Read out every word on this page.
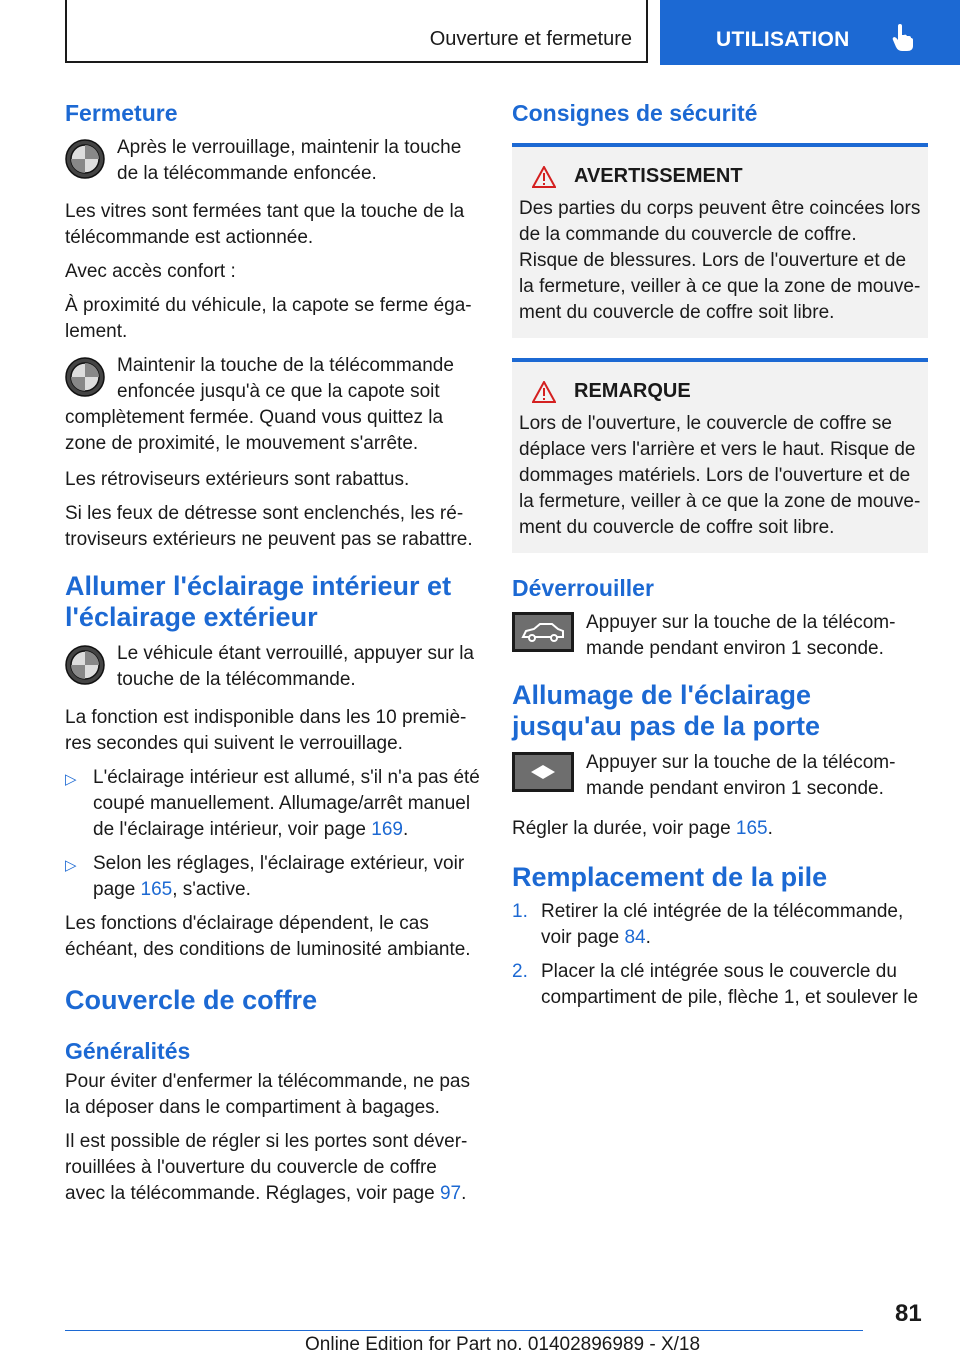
Ouverture et fermeture	UTILISATION
Fermeture
Après le verrouillage, maintenir la touche de la télécommande enfoncée.

Les vitres sont fermées tant que la touche de la télécommande est actionnée.

Avec accès confort :

À proximité du véhicule, la capote se ferme également.

Maintenir la touche de la télécommande enfoncée jusqu'à ce que la capote soit
complètement fermée. Quand vous quittez la zone de proximité, le mouvement s'arrête.

Les rétroviseurs extérieurs sont rabattus.

Si les feux de détresse sont enclenchés, les rétroviseurs extérieurs ne peuvent pas se rabattre.

Allumer l'éclairage intérieur et l'éclairage extérieur
Le véhicule étant verrouillé, appuyer sur la touche de la télécommande.

La fonction est indisponible dans les 10 premières secondes qui suivent le verrouillage.

▷ L'éclairage intérieur est allumé, s'il n'a pas été coupé manuellement. Allumage/arrêt manuel de l'éclairage intérieur, voir page 169.
▷ Selon les réglages, l'éclairage extérieur, voir page 165, s'active.

Les fonctions d'éclairage dépendent, le cas échéant, des conditions de luminosité ambiante.

Couvercle de coffre
Généralités

Pour éviter d'enfermer la télécommande, ne pas la déposer dans le compartiment à bagages.

Il est possible de régler si les portes sont déverrouillées à l'ouverture du couvercle de coffre avec la télécommande. Réglages, voir page 97.

Consignes de sécurité
AVERTISSEMENT

Des parties du corps peuvent être coincées lors de la commande du couvercle de coffre. Risque de blessures. Lors de l'ouverture et de la fermeture, veiller à ce que la zone de mouvement du couvercle de coffre soit libre.

REMARQUE

Lors de l'ouverture, le couvercle de coffre se déplace vers l'arrière et vers le haut. Risque de dommages matériels. Lors de l'ouverture et de la fermeture, veiller à ce que la zone de mouvement du couvercle de coffre soit libre.

Déverrouiller

Appuyer sur la touche de la télécommande pendant environ 1 seconde.

Allumage de l'éclairage jusqu'au pas de la porte

Appuyer sur la touche de la télécommande pendant environ 1 seconde.

Régler la durée, voir page 165.

Remplacement de la pile
1. Retirer la clé intégrée de la télécommande, voir page 84.
2. Placer la clé intégrée sous le couvercle du compartiment de pile, flèche 1, et soulever le
81
Online Edition for Part no. 01402896989 - X/18
